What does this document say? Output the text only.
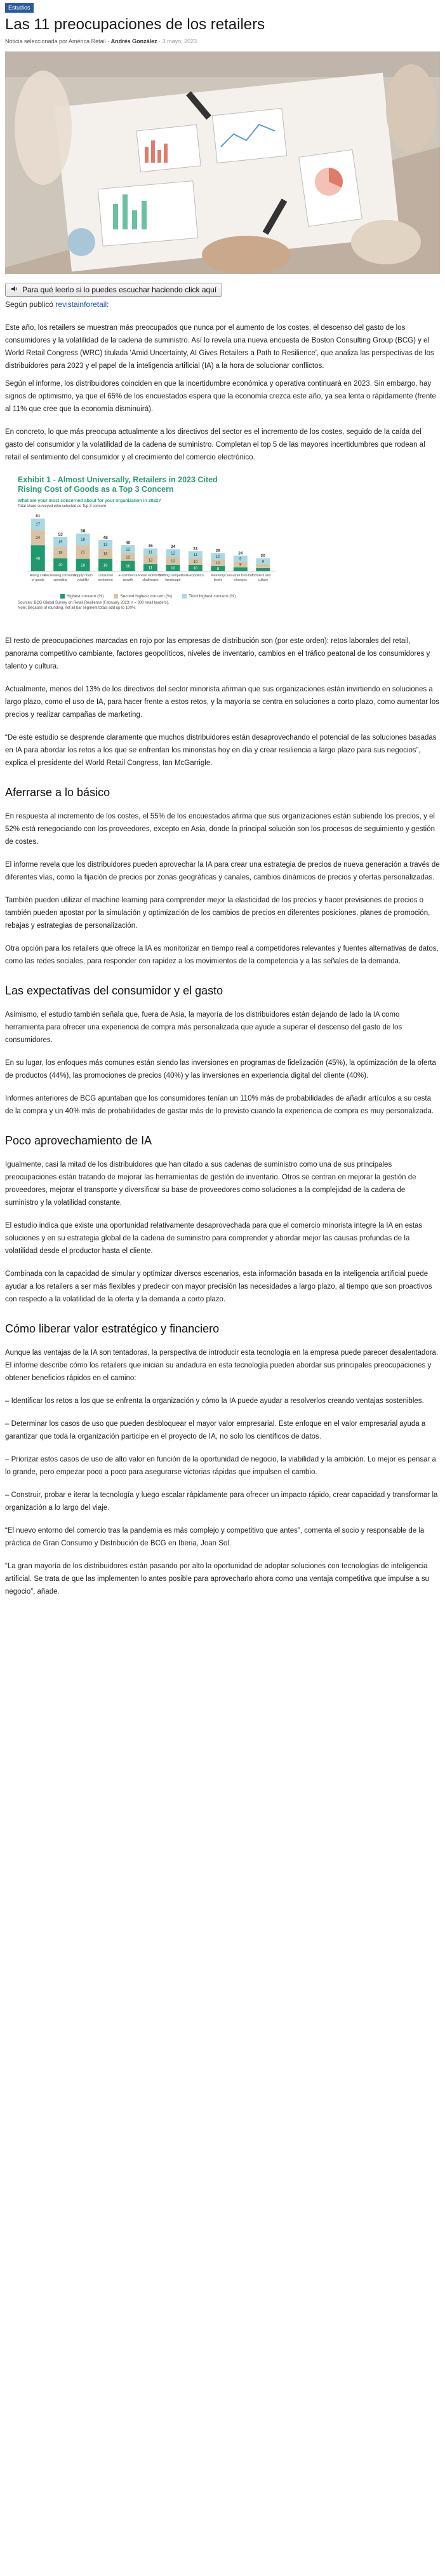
Estudios
Las 11 preocupaciones de los retailers
Noticia seleccionada por América Retail · Andrés González · 3 mayo, 2023
Para qué leerlo si lo puedes escuchar haciendo click aquí
Según publicó revistainforetail:

Este año, los retailers se muestran más preocupados que nunca por el aumento de los costes, el descenso del gasto de los consumidores y la volatilidad de la cadena de suministro. Así lo revela una nueva encuesta de Boston Consulting Group (BCG) y el World Retail Congress (WRC) titulada 'Amid Uncertainty, AI Gives Retailers a Path to Resilience', que analiza las perspectivas de los distribuidores para 2023 y el papel de la inteligencia artificial (IA) a la hora de solucionar conflictos.

Según el informe, los distribuidores coinciden en que la incertidumbre económica y operativa continuará en 2023. Sin embargo, hay signos de optimismo, ya que el 65% de los encuestados espera que la economía crezca este año, ya sea lenta o rápidamente (frente al 11% que cree que la economía disminuirá).

En concreto, lo que más preocupa actualmente a los directivos del sector es el incremento de los costes, seguido de la caída del gasto del consumidor y la volatilidad de la cadena de suministro. Completan el top 5 de las mayores incertidumbres que rodean al retail el sentimiento del consumidor y el crecimiento del comercio electrónico.

Exhibit 1 - Almost Universally, Retailers in 2023 Cited Rising Cost of Goods as a Top 3 Concern
What are your most concerned about for your organization in 2022?
Total share surveyed who selected as Top 3 concern
40
24
17
81
Rising cost
of goods
20
18
15
53
Decreasing consumer
spending
19
21
18
58
Supply chain
volatility
19
16
13
48
Consumer
sentiment
16
12
12
40
E-commerce
growth
11
13
11
35
Retail workforce
challenges
10
12
12
34
Shifting competitive
landscape
10
10
11
31
Geopolitics
8
10
10
28
Inventory
levels
9
9
24
Consumer foot-traffic
changes
9
20
Talent and
culture
Highest concern (%)	Second highest concern (%)	Third highest concern (%)
Sources: BCG Global Survey on Retail Resilience (February 2023; n = 300 retail leaders).
Note: Because of rounding, not all bar segment totals add up to 100%.

El resto de preocupaciones marcadas en rojo por las empresas de distribución son (por este orden): retos laborales del retail, panorama competitivo cambiante, factores geopolíticos, niveles de inventario, cambios en el tráfico peatonal de los consumidores y talento y cultura.

Actualmente, menos del 13% de los directivos del sector minorista afirman que sus organizaciones están invirtiendo en soluciones a largo plazo, como el uso de IA, para hacer frente a estos retos, y la mayoría se centra en soluciones a corto plazo, como aumentar los precios y realizar campañas de marketing.

“De este estudio se desprende claramente que muchos distribuidores están desaprovechando el potencial de las soluciones basadas en IA para abordar los retos a los que se enfrentan los minoristas hoy en día y crear resiliencia a largo plazo para sus negocios”, explica el presidente del World Retail Congress, Ian McGarrigle.

Aferrarse a lo básico

En respuesta al incremento de los costes, el 55% de los encuestados afirma que sus organizaciones están subiendo los precios, y el 52% está renegociando con los proveedores, excepto en Asia, donde la principal solución son los procesos de seguimiento y gestión de costes.

El informe revela que los distribuidores pueden aprovechar la IA para crear una estrategia de precios de nueva generación a través de diferentes vías, como la fijación de precios por zonas geográficas y canales, cambios dinámicos de precios y ofertas personalizadas.

También pueden utilizar el machine learning para comprender mejor la elasticidad de los precios y hacer previsiones de precios o también pueden apostar por la simulación y optimización de los cambios de precios en diferentes posiciones, planes de promoción, rebajas y estrategias de personalización.

Otra opción para los retailers que ofrece la IA es monitorizar en tiempo real a competidores relevantes y fuentes alternativas de datos, como las redes sociales, para responder con rapidez a los movimientos de la competencia y a las señales de la demanda.

Las expectativas del consumidor y el gasto

Asimismo, el estudio también señala que, fuera de Asia, la mayoría de los distribuidores están dejando de lado la IA como herramienta para ofrecer una experiencia de compra más personalizada que ayude a superar el descenso del gasto de los consumidores.

En su lugar, los enfoques más comunes están siendo las inversiones en programas de fidelización (45%), la optimización de la oferta de productos (44%), las promociones de precios (40%) y las inversiones en experiencia digital del cliente (40%).

Informes anteriores de BCG apuntaban que los consumidores tenían un 110% más de probabilidades de añadir artículos a su cesta de la compra y un 40% más de probabilidades de gastar más de lo previsto cuando la experiencia de compra es muy personalizada.

Poco aprovechamiento de IA

Igualmente, casi la mitad de los distribuidores que han citado a sus cadenas de suministro como una de sus principales preocupaciones están tratando de mejorar las herramientas de gestión de inventario. Otros se centran en mejorar la gestión de proveedores, mejorar el transporte y diversificar su base de proveedores como soluciones a la complejidad de la cadena de suministro y la volatilidad constante.

El estudio indica que existe una oportunidad relativamente desaprovechada para que el comercio minorista integre la IA en estas soluciones y en su estrategia global de la cadena de suministro para comprender y abordar mejor las causas profundas de la volatilidad desde el productor hasta el cliente.

Combinada con la capacidad de simular y optimizar diversos escenarios, esta información basada en la inteligencia artificial puede ayudar a los retailers a ser más flexibles y predecir con mayor precisión las necesidades a largo plazo, al tiempo que son proactivos con respecto a la volatilidad de la oferta y la demanda a corto plazo.

Cómo liberar valor estratégico y financiero

Aunque las ventajas de la IA son tentadoras, la perspectiva de introducir esta tecnología en la empresa puede parecer desalentadora. El informe describe cómo los retailers que inician su andadura en esta tecnología pueden abordar sus principales preocupaciones y obtener beneficios rápidos en el camino:

– Identificar los retos a los que se enfrenta la organización y cómo la IA puede ayudar a resolverlos creando ventajas sostenibles.

– Determinar los casos de uso que pueden desbloquear el mayor valor empresarial. Este enfoque en el valor empresarial ayuda a garantizar que toda la organización participe en el proyecto de IA, no solo los científicos de datos.

– Priorizar estos casos de uso de alto valor en función de la oportunidad de negocio, la viabilidad y la ambición. Lo mejor es pensar a lo grande, pero empezar poco a poco para asegurarse victorias rápidas que impulsen el cambio.

– Construir, probar e iterar la tecnología y luego escalar rápidamente para ofrecer un impacto rápido, crear capacidad y transformar la organización a lo largo del viaje.

“El nuevo entorno del comercio tras la pandemia es más complejo y competitivo que antes”, comenta el socio y responsable de la práctica de Gran Consumo y Distribución de BCG en Iberia, Joan Sol.

“La gran mayoría de los distribuidores están pasando por alto la oportunidad de adoptar soluciones con tecnologías de inteligencia artificial. Se trata de que las implementen lo antes posible para aprovecharlo ahora como una ventaja competitiva que impulse a su negocio”, añade.
